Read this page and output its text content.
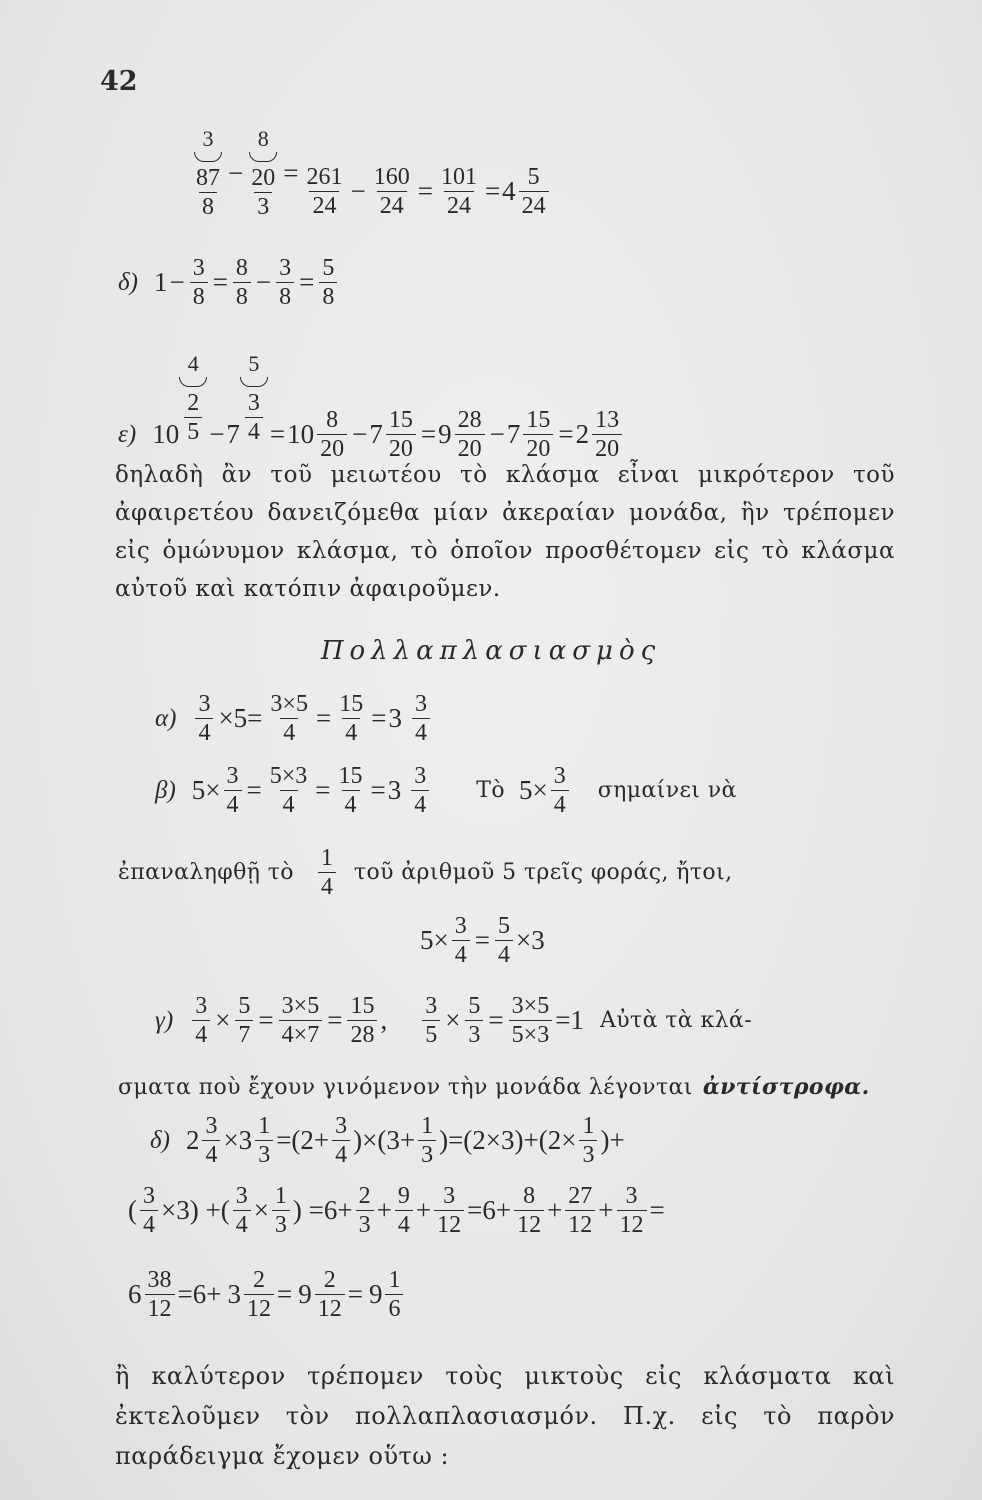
42
3
87
8
−
8
20
3
= 261
$24 - \frac{160}{24} = \frac{101}{24} = 4$ 5
24
δ) $1 - \frac{3}{8} = \frac{8}{8} - \frac{3}{8} = \frac{5}{8}$
ε) 10
4
2
5 − 7
5
3
4 = 10 8
$20 - 7 \frac{15}{20} = 9$ 28
$20 - 7 \frac{15}{20} = 2$ 13
20
δηλαδὴ ἂν τοῦ μειωτέου τὸ κλάσμα εἶναι μικρότερον τοῦ ἀφαιρετέου δανειζόμεθα μίαν ἀκεραίαν μονάδα, ἣν τρέπομεν εἰς ὁμώνυμον κλάσμα, τὸ ὁποῖον προσθέτομεν εἰς τὸ κλάσμα αὐτοῦ καὶ κατόπιν ἀφαιροῦμεν.
Πολλαπλασιασμὸς
$\alpha) \frac{3}{4} \times 5= \frac{3\times 5}{4} = \frac{15}{4} = 3$ 3
4
β) $5\times \frac{3}{4} = \frac{5\times 3}{4} = \frac{15}{4} = 3$ 3
4
Τὸ $5\times \frac{3}{4}$ σημαίνει νὰ
ἐπαναληφθῇ τὸ
1
4
τοῦ ἀριθμοῦ 5 τρεῖς φοράς, ἤτοι,
$5\times \frac{3}{4} = \frac{5}{4} \times 3$
$\gamma) \frac{3}{4} \times \frac{5}{7} = \frac{3\times 5}{4\times 7} = \frac{15}{28}$ , $\frac{3}{5} \times \frac{5}{3} = \frac{3\times 5}{5\times 3} =1$ Αὐτὰ τὰ κλά-
σματα ποὺ ἔχουν γινόμενον τὴν μονάδα λέγονται ἀντίστροφα.
δ) $2 \frac{3}{4} \times 3 \frac{1}{3} =(2+ \frac{3}{4} )\times(3+ \frac{1}{3} )=(2\times 3)+(2\times \frac{1}{3}$ )+
( $\frac{3}{4} \times 3$) +( $\frac{3}{4} \times \frac{1}{3}$ ) $=6+ \frac{2}{3} + \frac{9}{4} + \frac{3}{12} =6+ \frac{8}{12} + \frac{27}{12} + \frac{3}{12}$ =
$6 \frac{38}{12} =6+ 3 \frac{2}{12} = 9 \frac{2}{12} = 9$ 1
6
ἢ καλύτερον τρέπομεν τοὺς μικτοὺς εἰς κλάσματα καὶ ἐκτελοῦμεν τὸν πολλαπλασιασμόν. Π.χ. εἰς τὸ παρὸν παράδειγμα ἔχομεν οὕτω :
